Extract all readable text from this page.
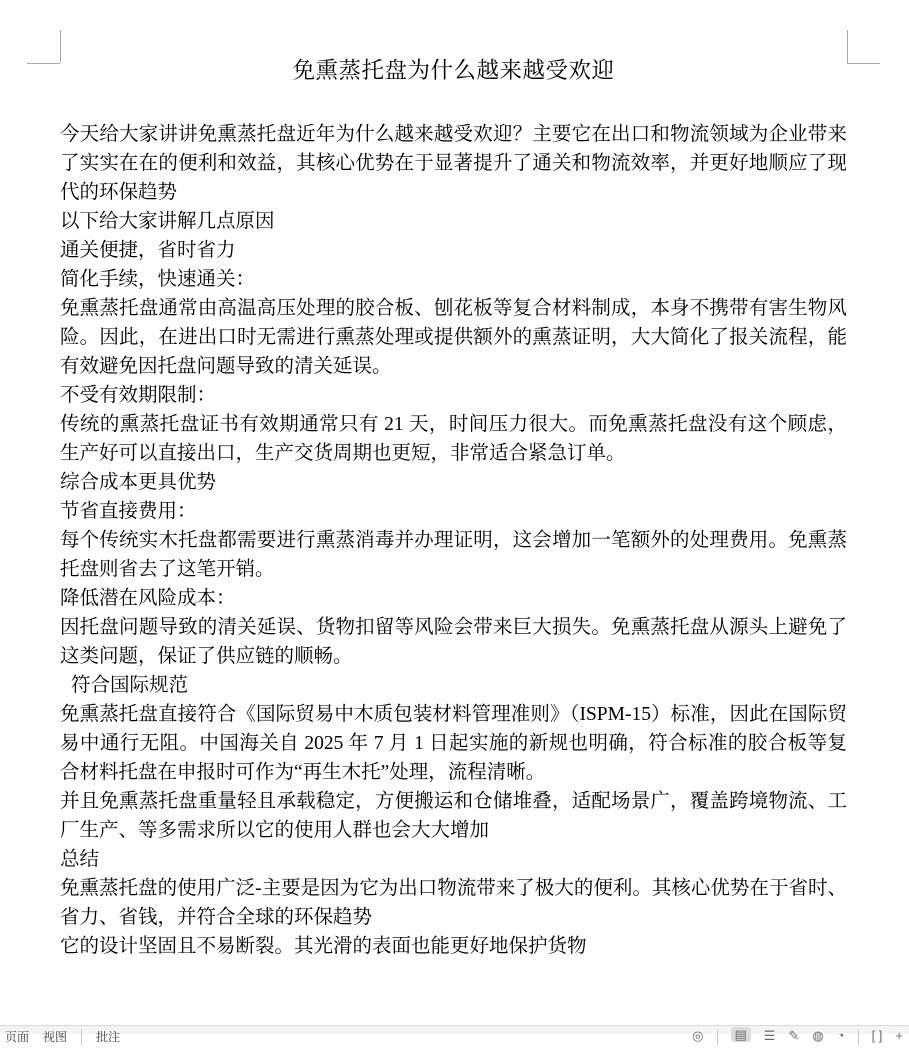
免熏蒸托盘为什么越来越受欢迎

今天给大家讲讲免熏蒸托盘近年为什么越来越受欢迎？主要它在出口和物流领域为企业带来了实实在在的便利和效益，其核心优势在于显著提升了通关和物流效率，并更好地顺应了现代的环保趋势

以下给大家讲解几点原因

通关便捷，省时省力

简化手续，快速通关：

免熏蒸托盘通常由高温高压处理的胶合板、刨花板等复合材料制成，本身不携带有害生物风险。因此，在进出口时无需进行熏蒸处理或提供额外的熏蒸证明，大大简化了报关流程，能有效避免因托盘问题导致的清关延误。

不受有效期限制：

传统的熏蒸托盘证书有效期通常只有 21 天，时间压力很大。而免熏蒸托盘没有这个顾虑，生产好可以直接出口，生产交货周期也更短，非常适合紧急订单。

综合成本更具优势

节省直接费用：

每个传统实木托盘都需要进行熏蒸消毒并办理证明，这会增加一笔额外的处理费用。免熏蒸托盘则省去了这笔开销。

降低潜在风险成本：

因托盘问题导致的清关延误、货物扣留等风险会带来巨大损失。免熏蒸托盘从源头上避免了这类问题，保证了供应链的顺畅。

符合国际规范

免熏蒸托盘直接符合《国际贸易中木质包装材料管理准则》（ISPM-15）标准，因此在国际贸易中通行无阻。中国海关自 2025 年 7 月 1 日起实施的新规也明确，符合标准的胶合板等复合材料托盘在申报时可作为“再生木托”处理，流程清晰。

并且免熏蒸托盘重量轻且承载稳定，方便搬运和仓储堆叠，适配场景广，覆盖跨境物流、工厂生产、等多需求所以它的使用人群也会大大增加

总结

免熏蒸托盘的使用广泛-主要是因为它为出口物流带来了极大的便利。其核心优势在于省时、省力、省钱，并符合全球的环保趋势

它的设计坚固且不易断裂。其光滑的表面也能更好地保护货物

页面 视图 批注	◎	▤	☰ ✎ ◍ ◔ [ ] +
